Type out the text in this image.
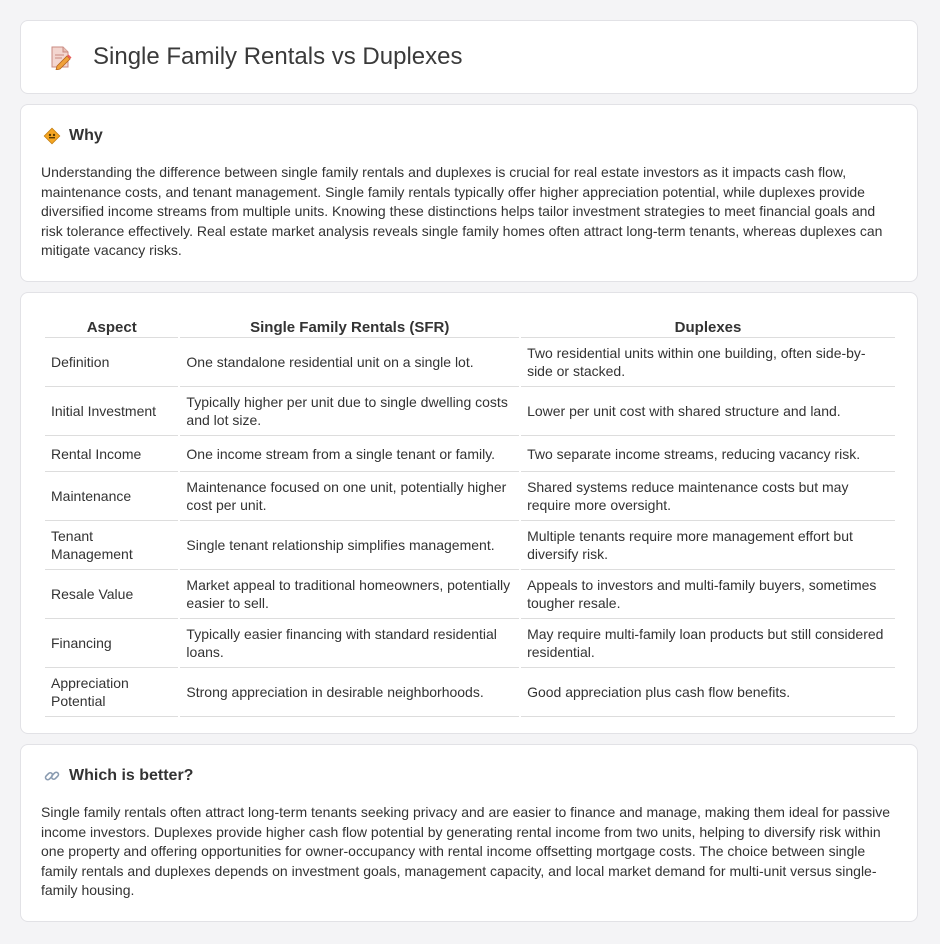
Single Family Rentals vs Duplexes
Why
Understanding the difference between single family rentals and duplexes is crucial for real estate investors as it impacts cash flow, maintenance costs, and tenant management. Single family rentals typically offer higher appreciation potential, while duplexes provide diversified income streams from multiple units. Knowing these distinctions helps tailor investment strategies to meet financial goals and risk tolerance effectively. Real estate market analysis reveals single family homes often attract long-term tenants, whereas duplexes can mitigate vacancy risks.
Aspect	Single Family Rentals (SFR)	Duplexes
Definition	One standalone residential unit on a single lot.	Two residential units within one building, often side-by-side or stacked.
Initial Investment	Typically higher per unit due to single dwelling costs and lot size.	Lower per unit cost with shared structure and land.
Rental Income	One income stream from a single tenant or family.	Two separate income streams, reducing vacancy risk.
Maintenance	Maintenance focused on one unit, potentially higher cost per unit.	Shared systems reduce maintenance costs but may require more oversight.
Tenant Management	Single tenant relationship simplifies management.	Multiple tenants require more management effort but diversify risk.
Resale Value	Market appeal to traditional homeowners, potentially easier to sell.	Appeals to investors and multi-family buyers, sometimes tougher resale.
Financing	Typically easier financing with standard residential loans.	May require multi-family loan products but still considered residential.
Appreciation Potential	Strong appreciation in desirable neighborhoods.	Good appreciation plus cash flow benefits.
Which is better?
Single family rentals often attract long-term tenants seeking privacy and are easier to finance and manage, making them ideal for passive income investors. Duplexes provide higher cash flow potential by generating rental income from two units, helping to diversify risk within one property and offering opportunities for owner-occupancy with rental income offsetting mortgage costs. The choice between single family rentals and duplexes depends on investment goals, management capacity, and local market demand for multi-unit versus single-family housing.
